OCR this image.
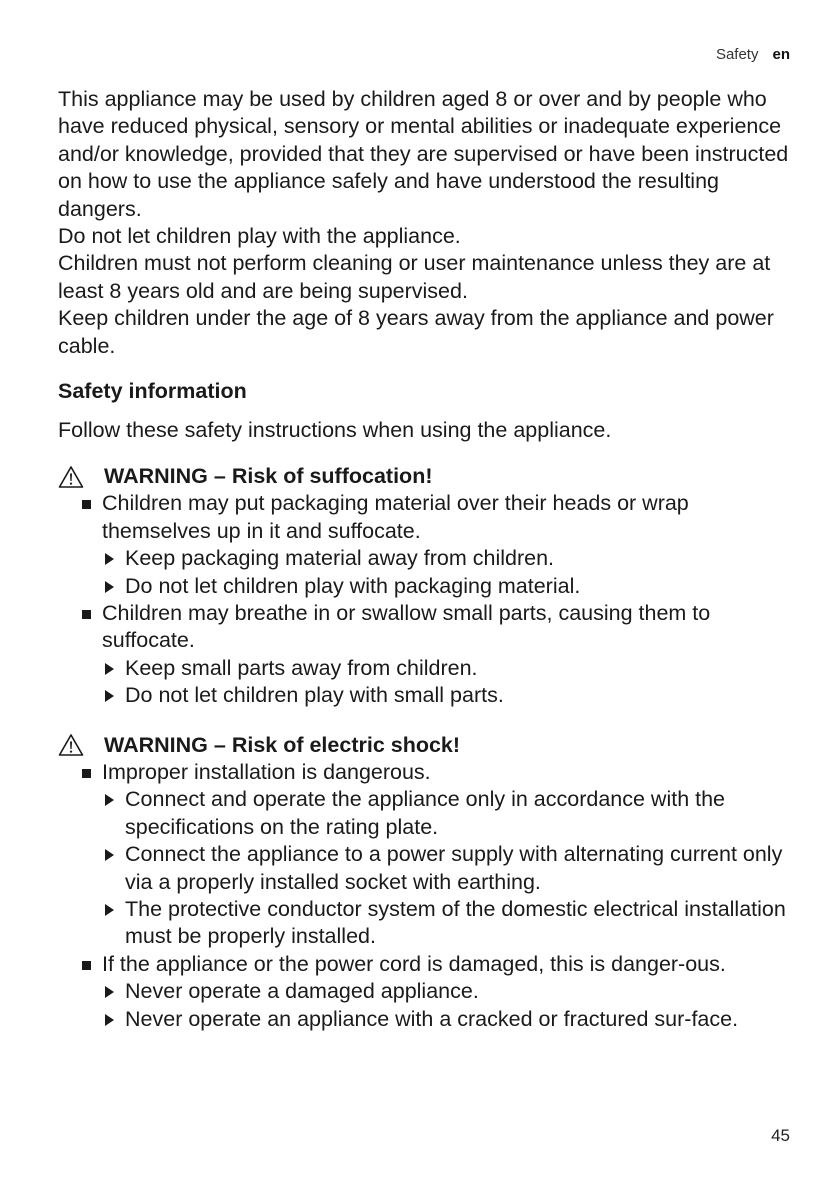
Safety en

This appliance may be used by children aged 8 or over and by people who have reduced physical, sensory or mental abilities or inadequate experience and/or knowledge, provided that they are supervised or have been instructed on how to use the appliance safely and have understood the resulting dangers.

Do not let children play with the appliance.

Children must not perform cleaning or user maintenance unless they are at least 8 years old and are being supervised.

Keep children under the age of 8 years away from the appliance and power cable.

Safety information

Follow these safety instructions when using the appliance.

WARNING – Risk of suffocation!
Children may put packaging material over their heads or wrap themselves up in it and suffocate.
Keep packaging material away from children.
Do not let children play with packaging material.
Children may breathe in or swallow small parts, causing them to suffocate.
Keep small parts away from children.
Do not let children play with small parts.
WARNING – Risk of electric shock!
Improper installation is dangerous.
Connect and operate the appliance only in accordance with the specifications on the rating plate.
Connect the appliance to a power supply with alternating current only via a properly installed socket with earthing.
The protective conductor system of the domestic electrical installation must be properly installed.
If the appliance or the power cord is damaged, this is danger-ous.
Never operate a damaged appliance.
Never operate an appliance with a cracked or fractured sur-face.
45
